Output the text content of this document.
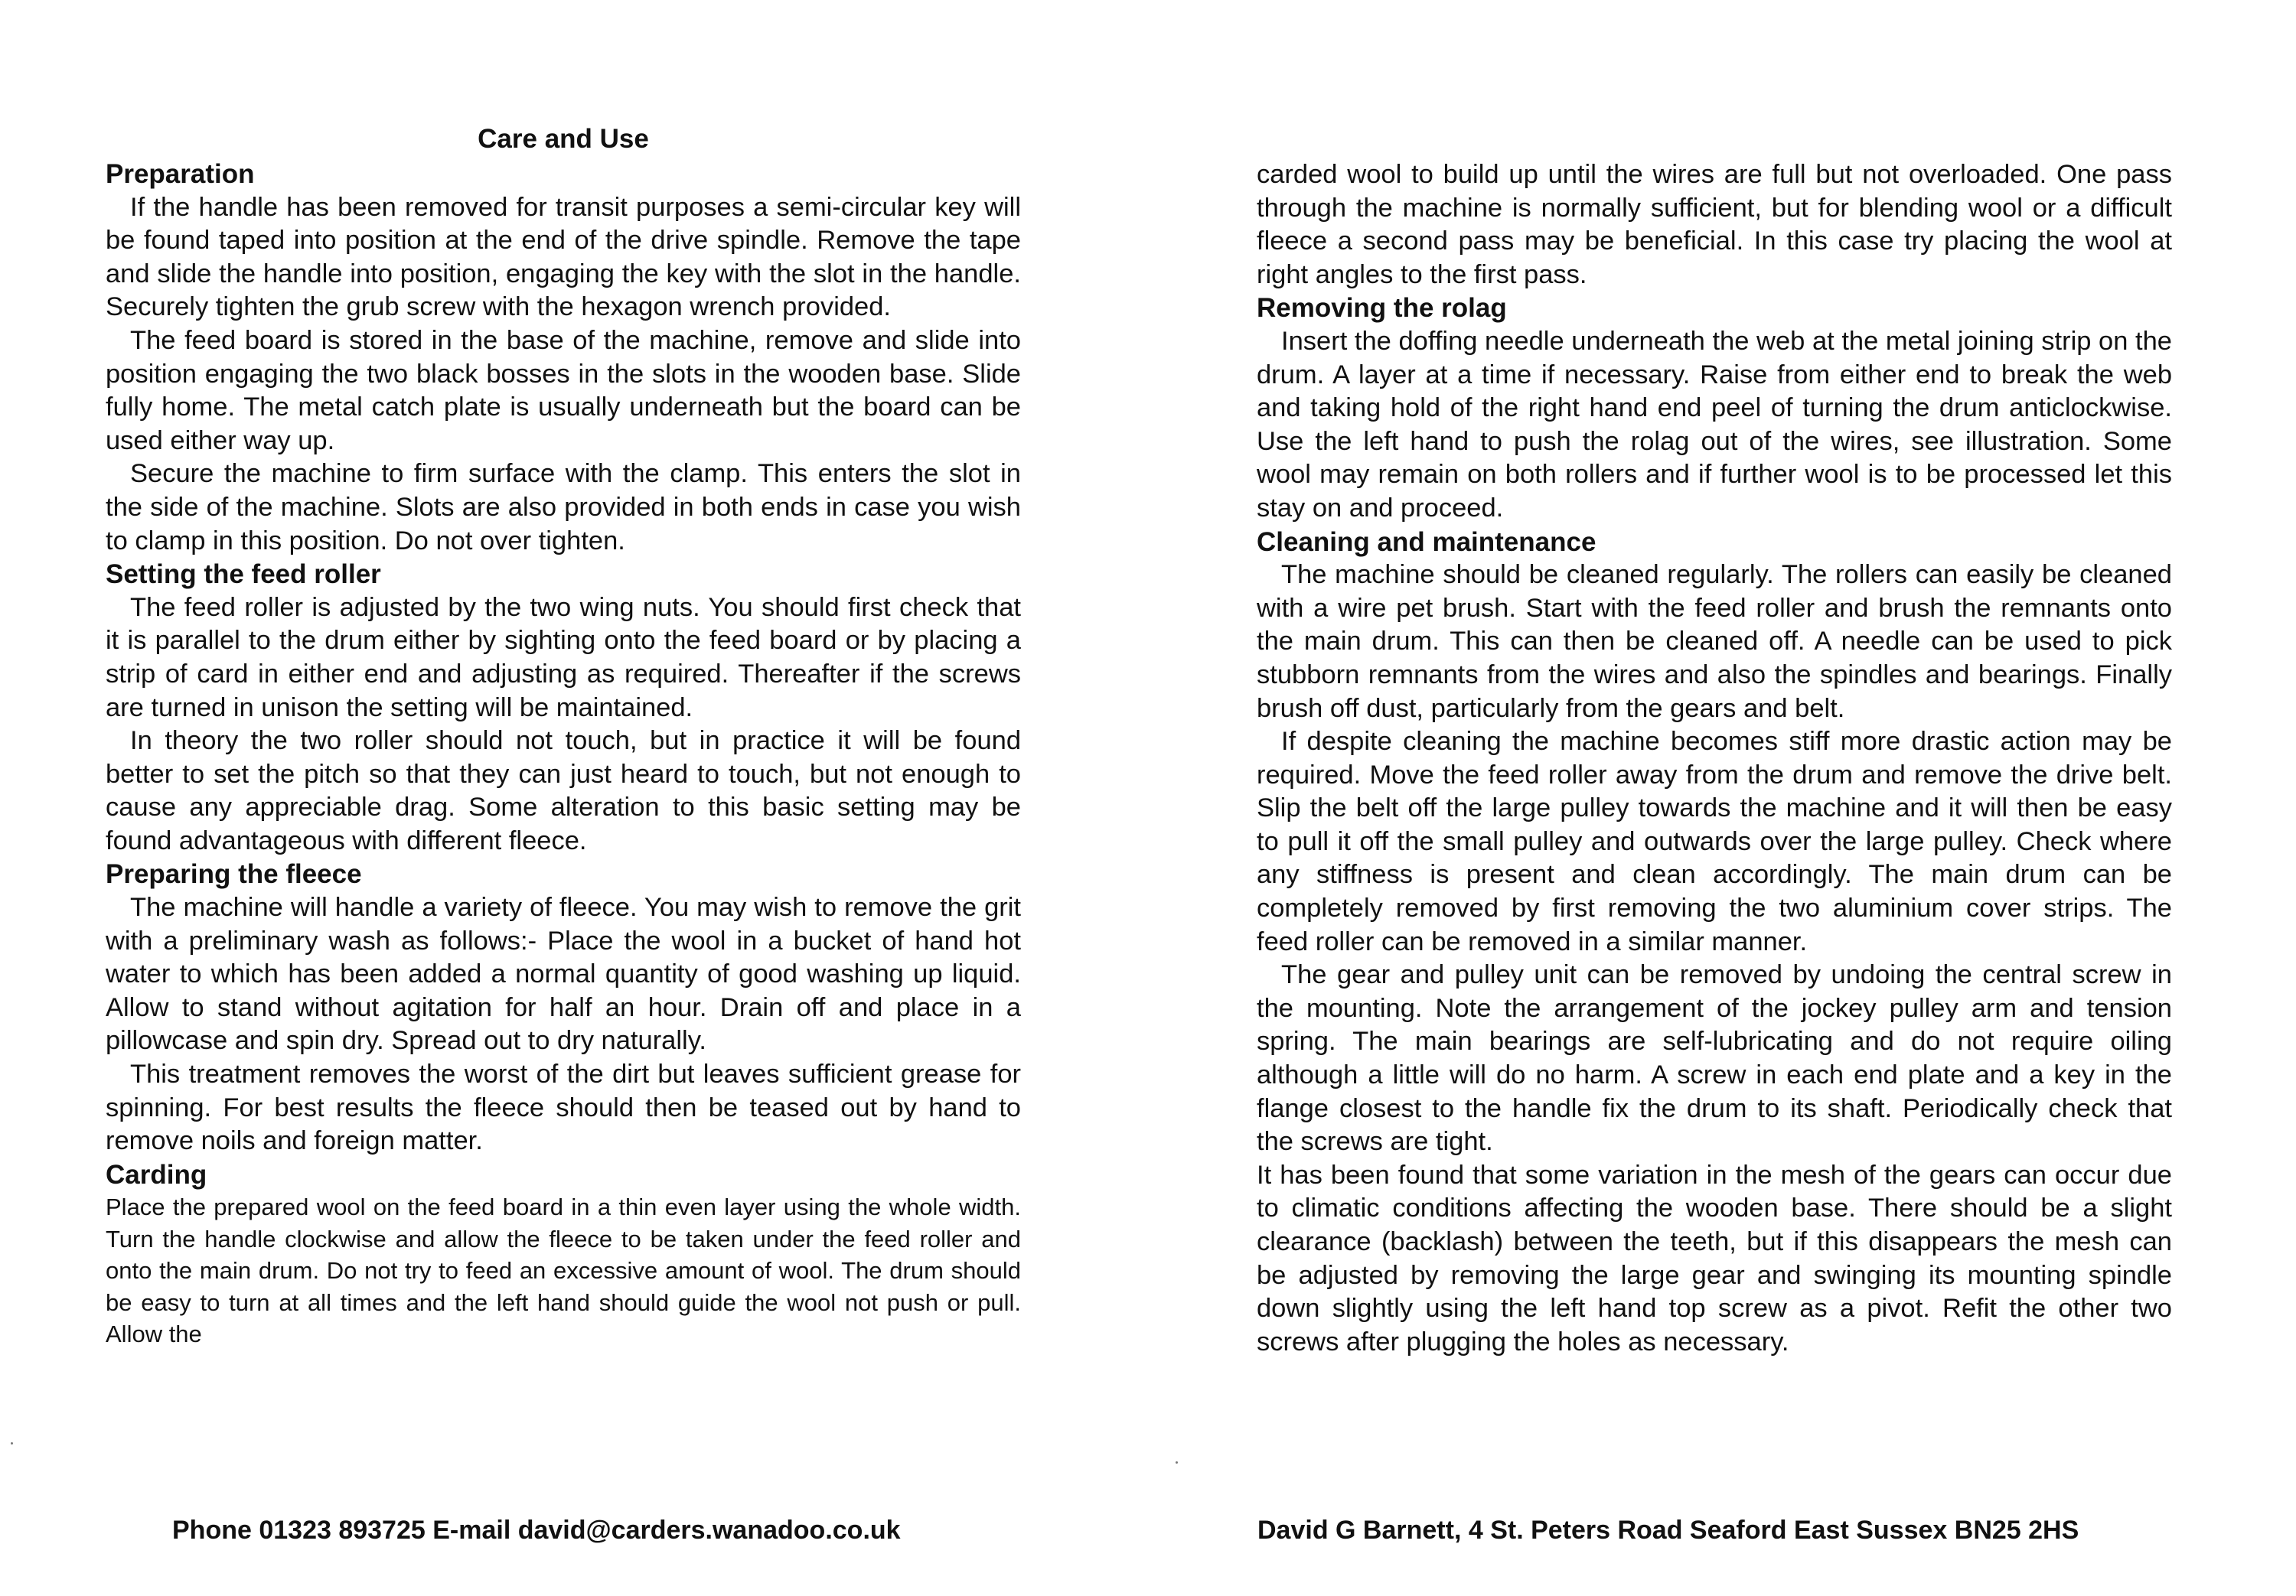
Care and Use

Preparation

If the handle has been removed for transit purposes a semi-circular key will be found taped into position at the end of the drive spindle. Remove the tape and slide the handle into position, engaging the key with the slot in the handle. Securely tighten the grub screw with the hexagon wrench provided.

The feed board is stored in the base of the machine, remove and slide into position engaging the two black bosses in the slots in the wooden base. Slide fully home. The metal catch plate is usually underneath but the board can be used either way up.

Secure the machine to firm surface with the clamp. This enters the slot in the side of the machine. Slots are also provided in both ends in case you wish to clamp in this position. Do not over tighten.

Setting the feed roller

The feed roller is adjusted by the two wing nuts. You should first check that it is parallel to the drum either by sighting onto the feed board or by placing a strip of card in either end and adjusting as required. Thereafter if the screws are turned in unison the setting will be maintained.

In theory the two roller should not touch, but in practice it will be found better to set the pitch so that they can just heard to touch, but not enough to cause any appreciable drag. Some alteration to this basic setting may be found advantageous with different fleece.

Preparing the fleece

The machine will handle a variety of fleece. You may wish to remove the grit with a preliminary wash as follows:- Place the wool in a bucket of hand hot water to which has been added a normal quantity of good washing up liquid. Allow to stand without agitation for half an hour. Drain off and place in a pillowcase and spin dry. Spread out to dry naturally.

This treatment removes the worst of the dirt but leaves sufficient grease for spinning. For best results the fleece should then be teased out by hand to remove noils and foreign matter.

Carding

Place the prepared wool on the feed board in a thin even layer using the whole width. Turn the handle clockwise and allow the fleece to be taken under the feed roller and onto the main drum. Do not try to feed an excessive amount of wool. The drum should be easy to turn at all times and the left hand should guide the wool not push or pull. Allow the

carded wool to build up until the wires are full but not overloaded. One pass through the machine is normally sufficient, but for blending wool or a difficult fleece a second pass may be beneficial. In this case try placing the wool at right angles to the first pass.

Removing the rolag

Insert the doffing needle underneath the web at the metal joining strip on the drum. A layer at a time if necessary. Raise from either end to break the web and taking hold of the right hand end peel of turning the drum anticlockwise. Use the left hand to push the rolag out of the wires, see illustration. Some wool may remain on both rollers and if further wool is to be processed let this stay on and proceed.

Cleaning and maintenance

The machine should be cleaned regularly. The rollers can easily be cleaned with a wire pet brush. Start with the feed roller and brush the remnants onto the main drum. This can then be cleaned off. A needle can be used to pick stubborn remnants from the wires and also the spindles and bearings. Finally brush off dust, particularly from the gears and belt.

If despite cleaning the machine becomes stiff more drastic action may be required. Move the feed roller away from the drum and remove the drive belt. Slip the belt off the large pulley towards the machine and it will then be easy to pull it off the small pulley and outwards over the large pulley. Check where any stiffness is present and clean accordingly. The main drum can be completely removed by first removing the two aluminium cover strips. The feed roller can be removed in a similar manner.

The gear and pulley unit can be removed by undoing the central screw in the mounting. Note the arrangement of the jockey pulley arm and tension spring. The main bearings are self-lubricating and do not require oiling although a little will do no harm. A screw in each end plate and a key in the flange closest to the handle fix the drum to its shaft. Periodically check that the screws are tight.

It has been found that some variation in the mesh of the gears can occur due to climatic conditions affecting the wooden base. There should be a slight clearance (backlash) between the teeth, but if this disappears the mesh can be adjusted by removing the large gear and swinging its mounting spindle down slightly using the left hand top screw as a pivot. Refit the other two screws after plugging the holes as necessary.

Phone 01323 893725 E-mail david@carders.wanadoo.co.uk	David G Barnett, 4 St. Peters Road Seaford East Sussex BN25 2HS
